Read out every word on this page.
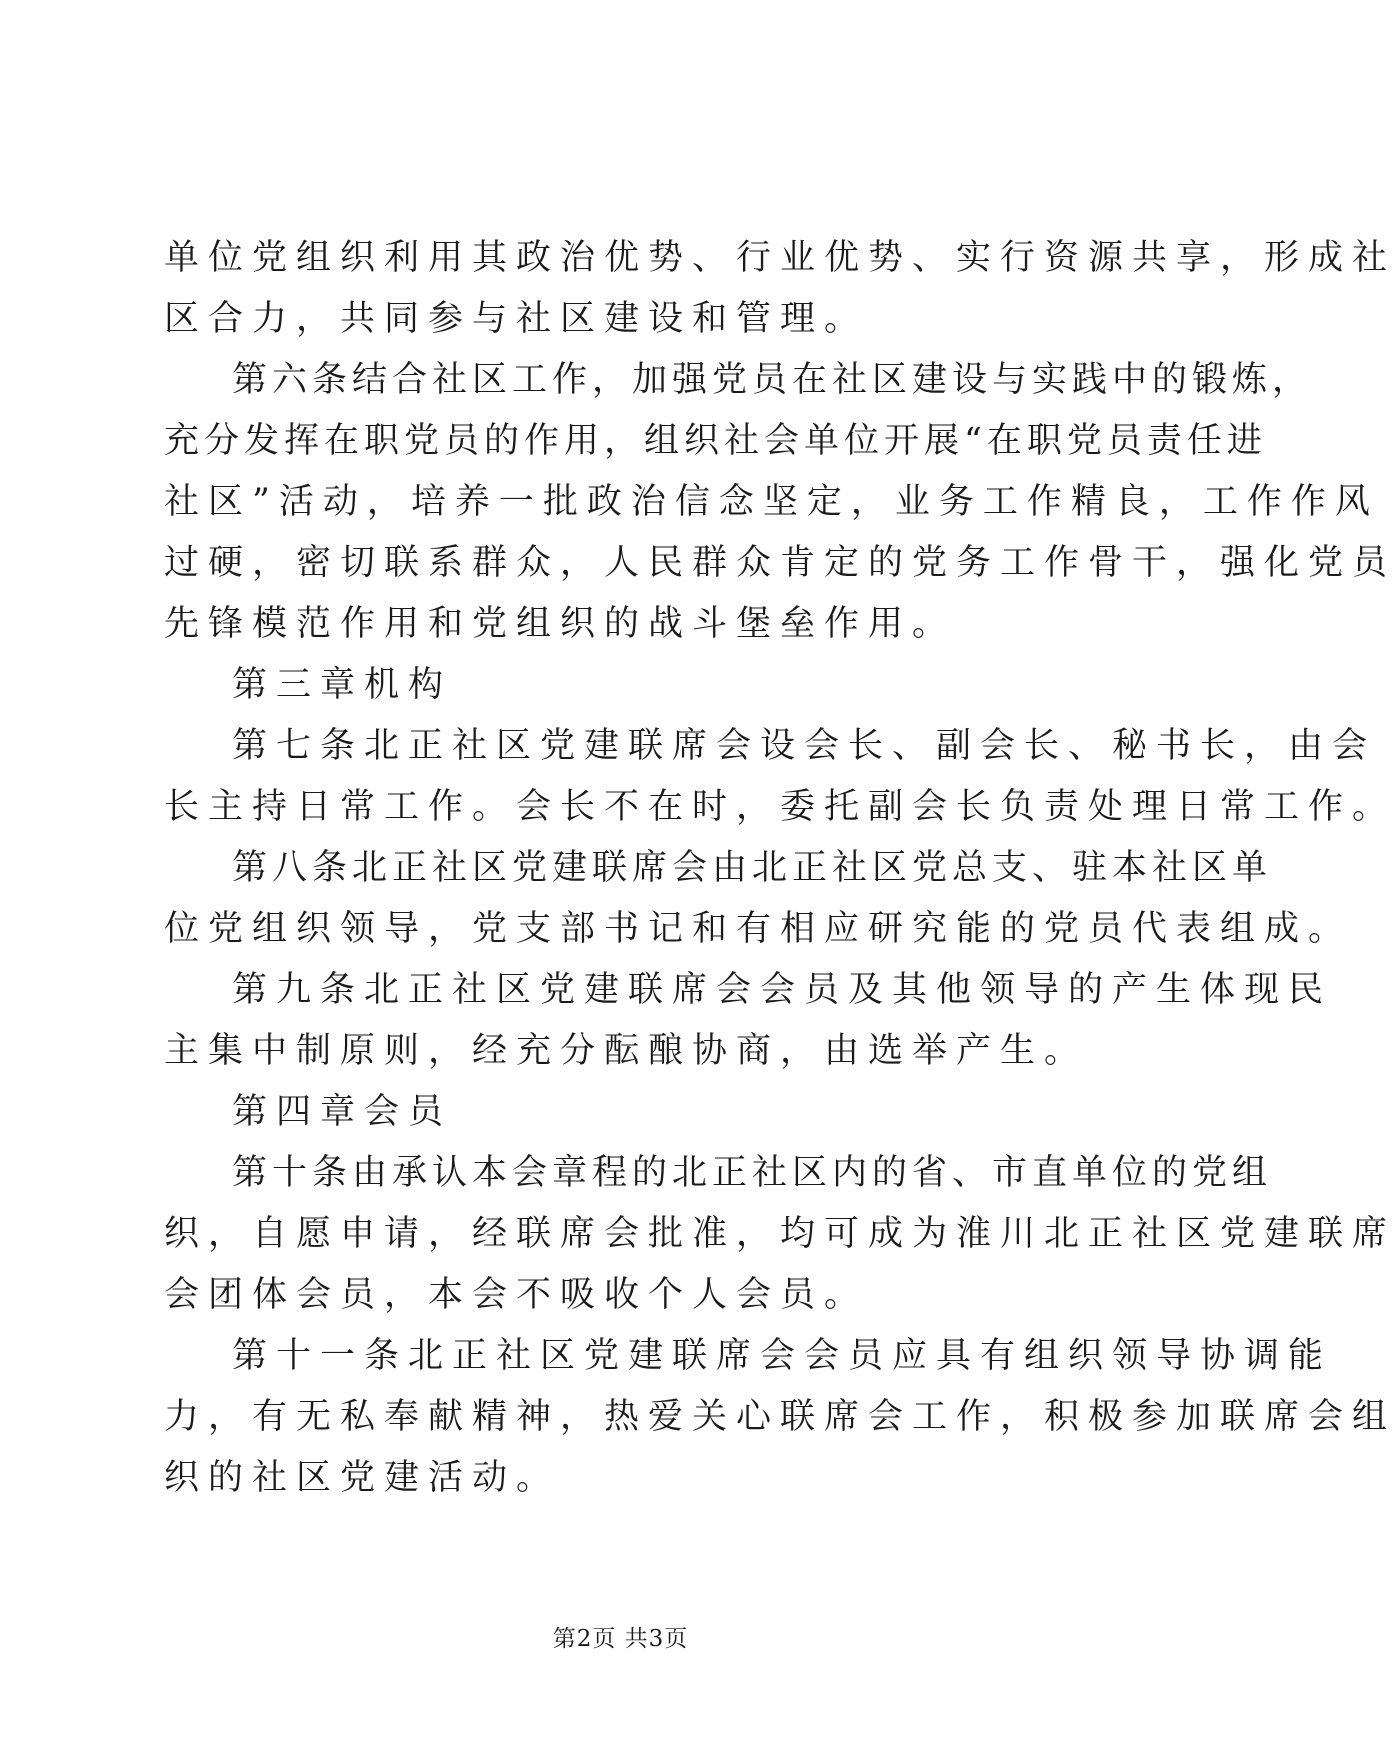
单位党组织利用其政治优势、行业优势、实行资源共享，形成社

区合力，共同参与社区建设和管理。

第六条结合社区工作，加强党员在社区建设与实践中的锻炼，

充分发挥在职党员的作用，组织社会单位开展“在职党员责任进

社区”活动，培养一批政治信念坚定，业务工作精良，工作作风

过硬，密切联系群众，人民群众肯定的党务工作骨干，强化党员

先锋模范作用和党组织的战斗堡垒作用。

第三章机构

第七条北正社区党建联席会设会长、副会长、秘书长，由会

长主持日常工作。会长不在时，委托副会长负责处理日常工作。

第八条北正社区党建联席会由北正社区党总支、驻本社区单

位党组织领导，党支部书记和有相应研究能的党员代表组成。

第九条北正社区党建联席会会员及其他领导的产生体现民

主集中制原则，经充分酝酿协商，由选举产生。

第四章会员

第十条由承认本会章程的北正社区内的省、市直单位的党组

织，自愿申请，经联席会批准，均可成为淮川北正社区党建联席

会团体会员，本会不吸收个人会员。

第十一条北正社区党建联席会会员应具有组织领导协调能

力，有无私奉献精神，热爱关心联席会工作，积极参加联席会组

织的社区党建活动。

第2页 共3页
